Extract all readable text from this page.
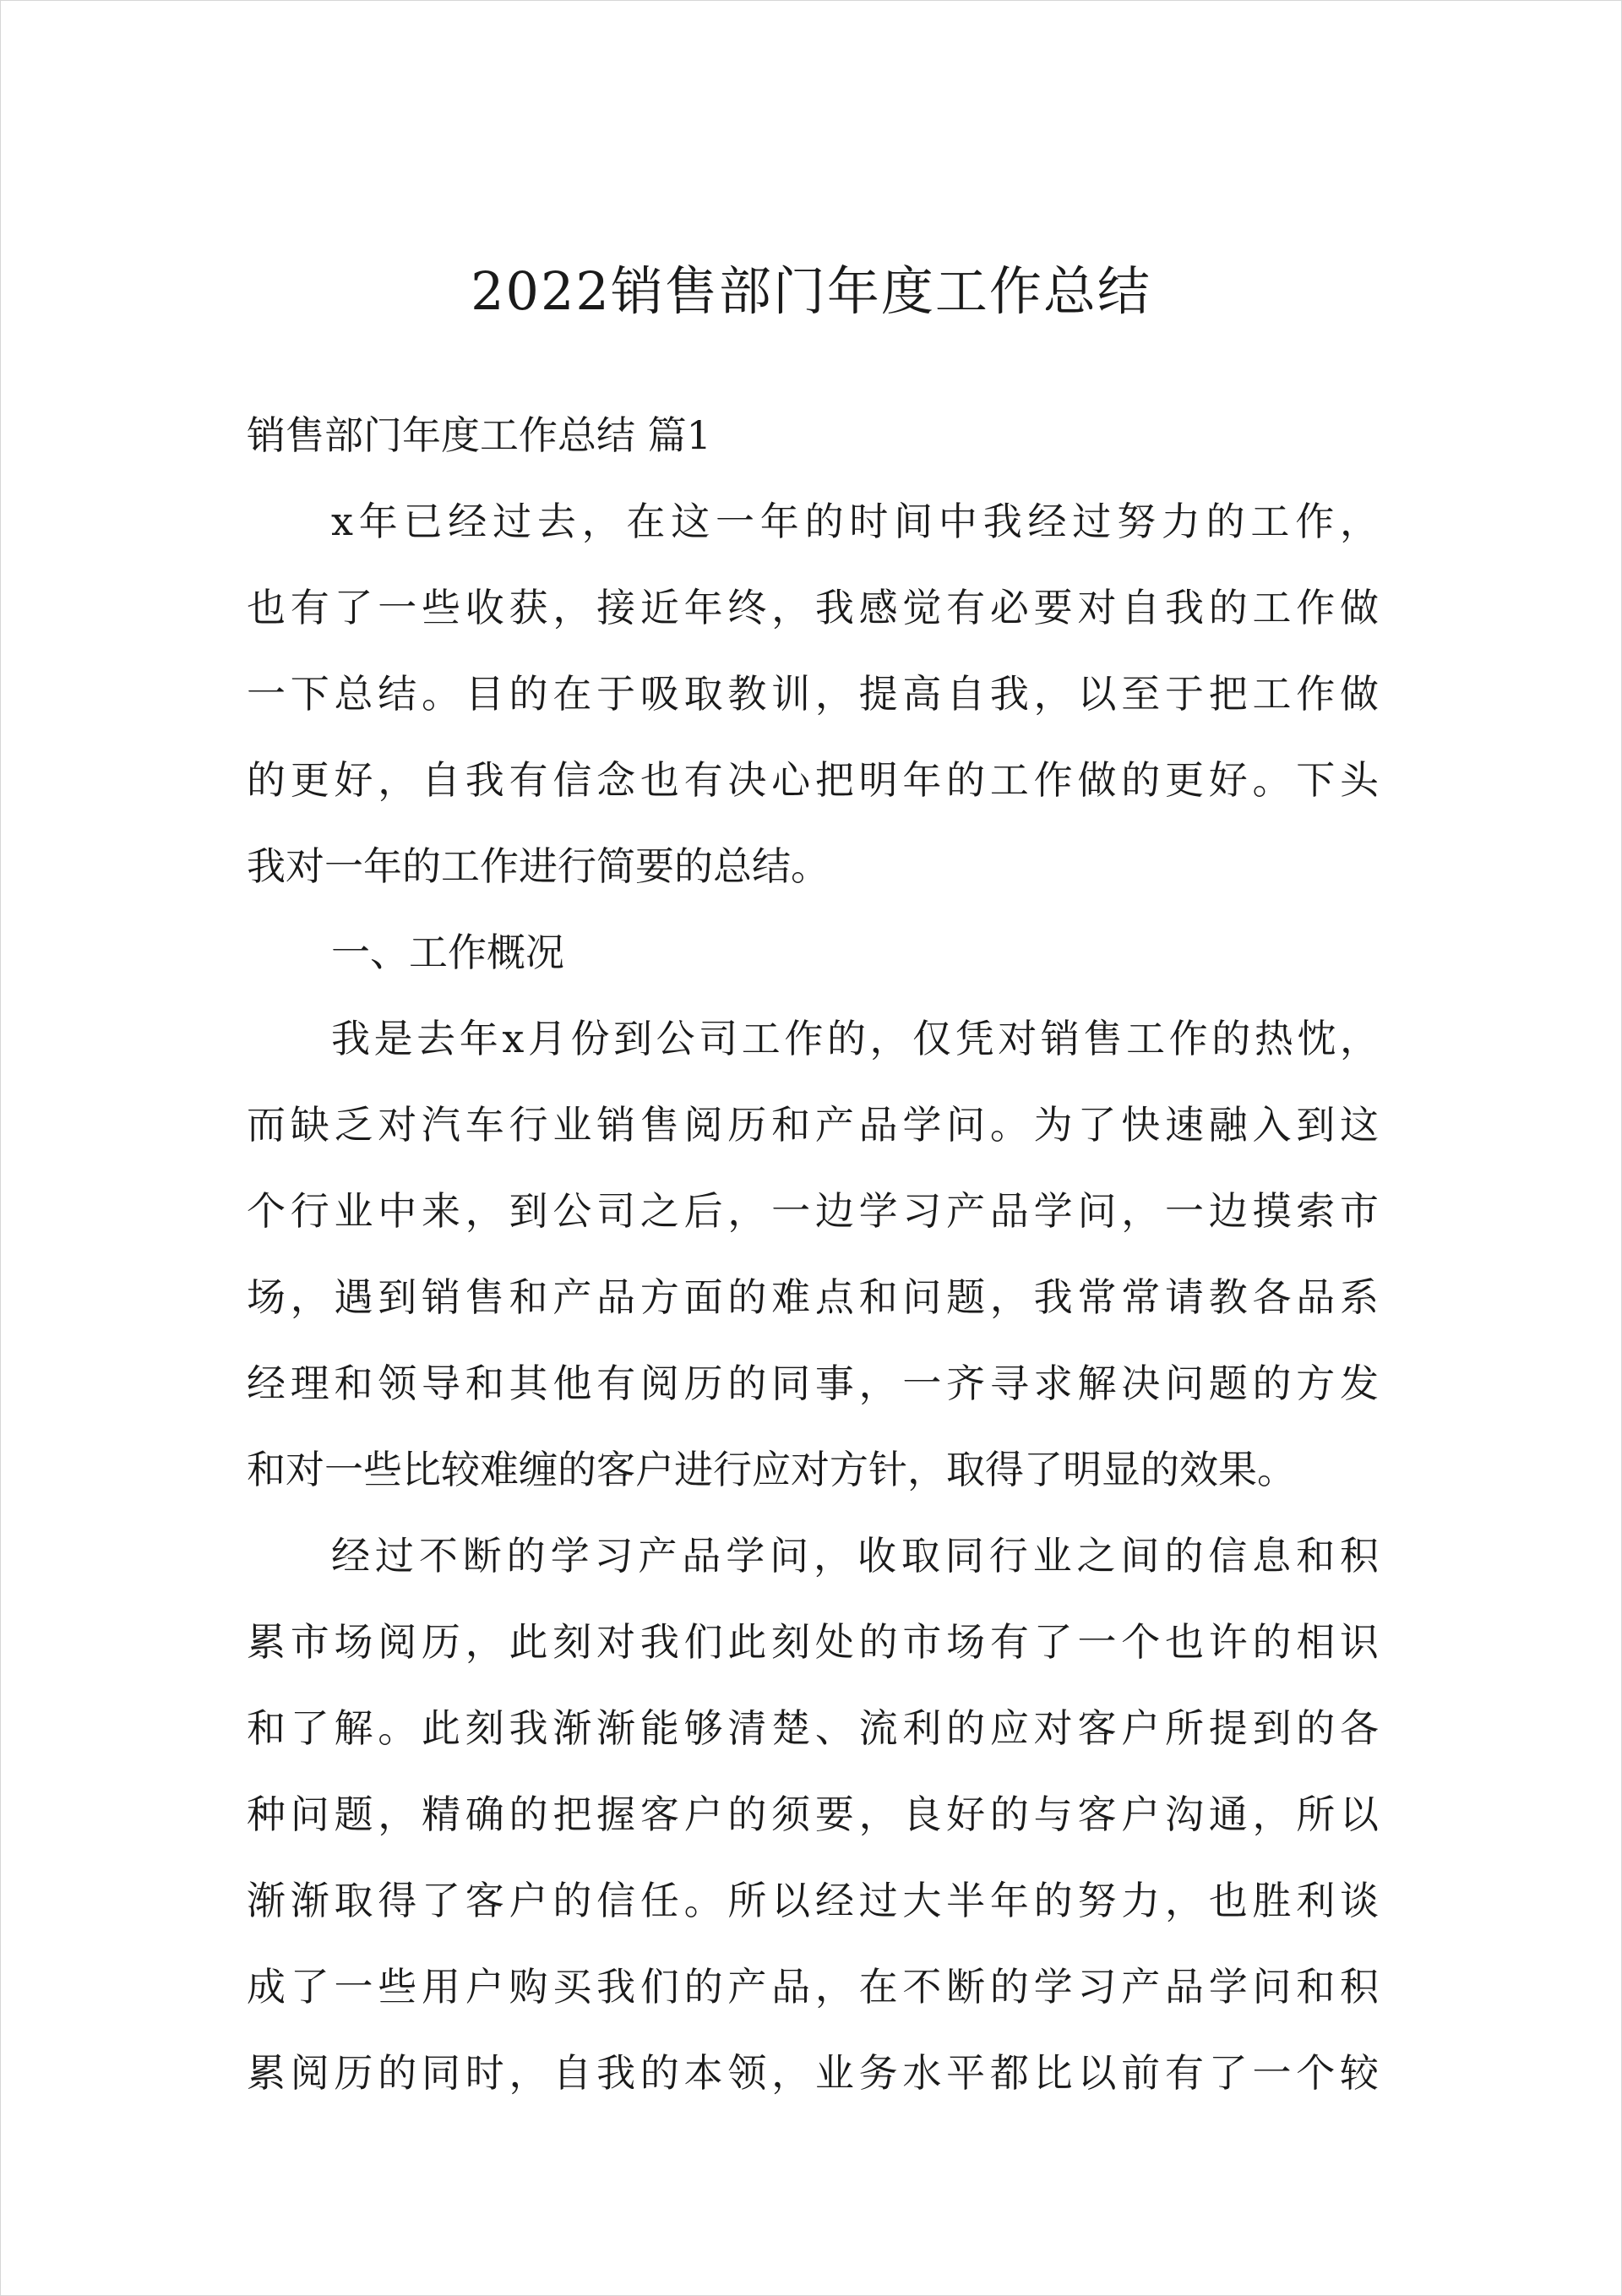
2022销售部门年度工作总结

销售部门年度工作总结 篇1

x年已经过去，在这一年的时间中我经过努力的工作，

也有了一些收获，接近年终，我感觉有必要对自我的工作做

一下总结。目的在于吸取教训，提高自我，以至于把工作做

的更好，自我有信念也有决心把明年的工作做的更好。下头

我对一年的工作进行简要的总结。

一、工作概况

我是去年x月份到公司工作的，仅凭对销售工作的热忱，

而缺乏对汽车行业销售阅历和产品学问。为了快速融入到这

个行业中来，到公司之后，一边学习产品学问，一边摸索市

场，遇到销售和产品方面的难点和问题，我常常请教各品系

经理和领导和其他有阅历的同事，一齐寻求解决问题的方发

和对一些比较难缠的客户进行应对方针，取得了明显的效果。

经过不断的学习产品学问，收取同行业之间的信息和积

累市场阅历，此刻对我们此刻处的市场有了一个也许的相识

和了解。此刻我渐渐能够清楚、流利的应对客户所提到的各

种问题，精确的把握客户的须要，良好的与客户沟通，所以

渐渐取得了客户的信任。所以经过大半年的努力，也胜利谈

成了一些用户购买我们的产品，在不断的学习产品学问和积

累阅历的同时，自我的本领，业务水平都比以前有了一个较
